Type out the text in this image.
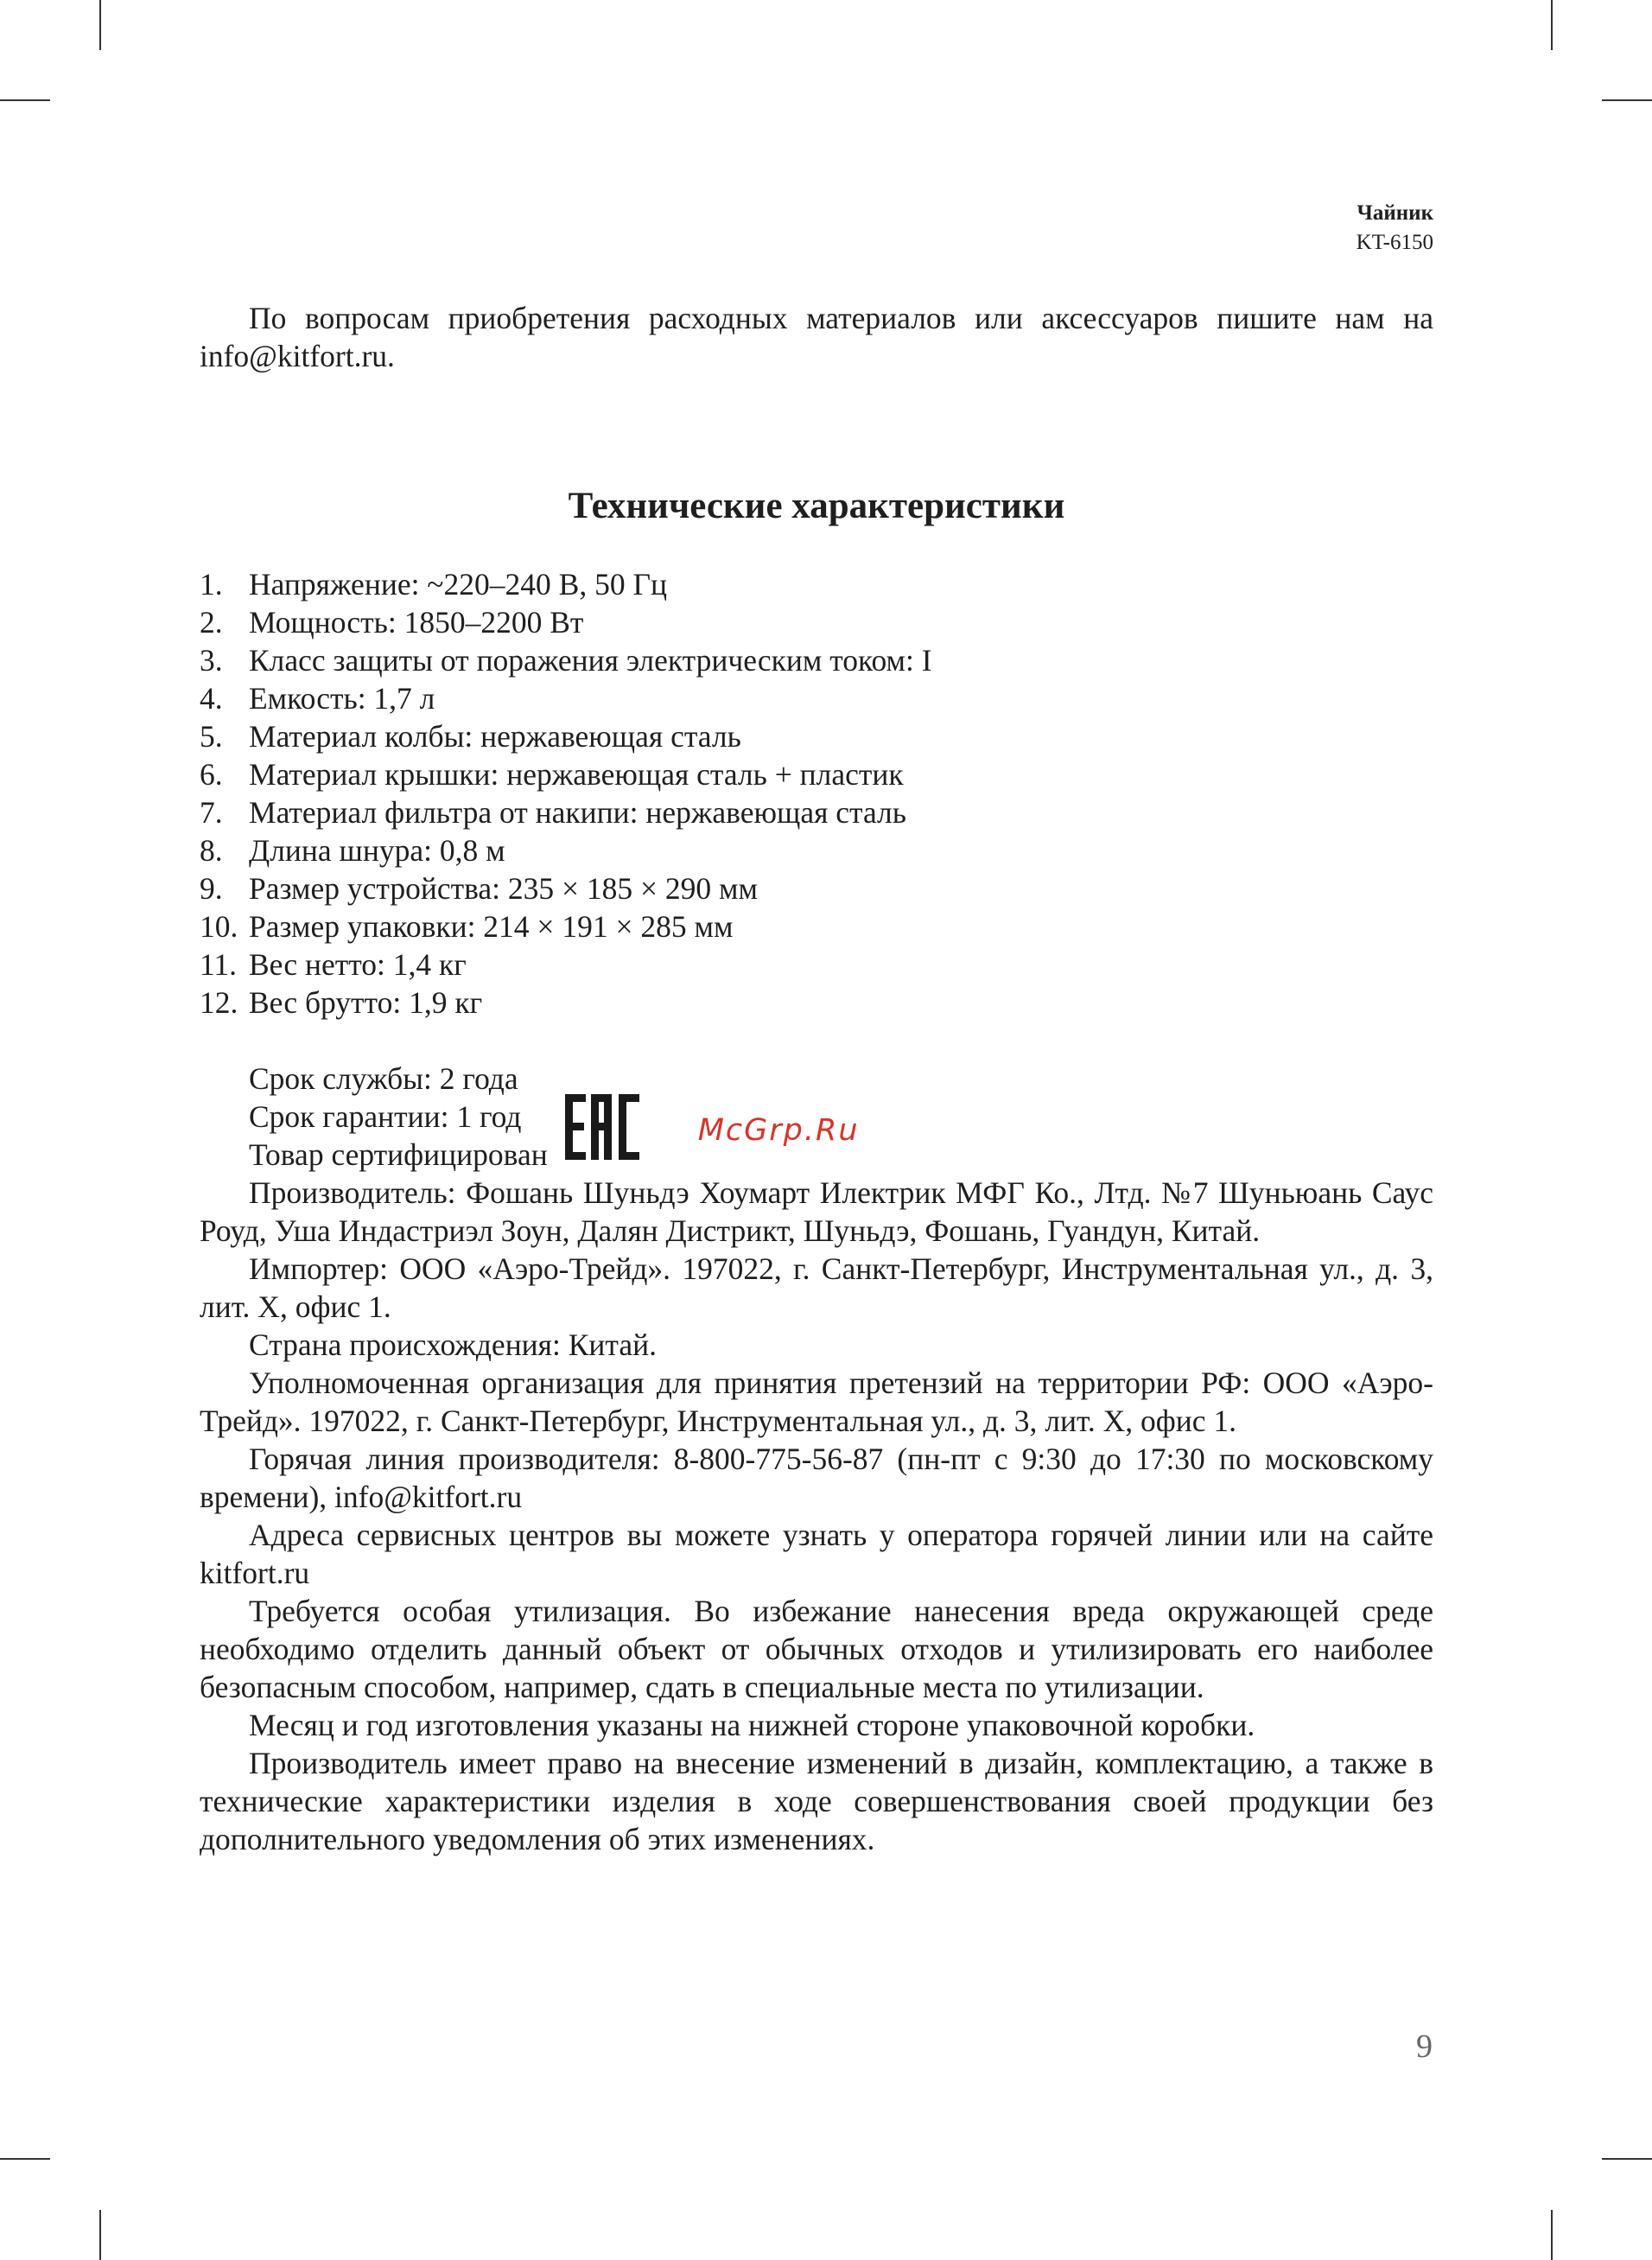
Чайник
KT-6150

По вопросам приобретения расходных материалов или аксессуаров пишите нам на info@kitfort.ru.

Технические характеристики
1. Напряжение: ~220–240 В, 50 Гц
2. Мощность: 1850–2200 Вт
3. Класс защиты от поражения электрическим током: I
4. Емкость: 1,7 л
5. Материал колбы: нержавеющая сталь
6. Материал крышки: нержавеющая сталь + пластик
7. Материал фильтра от накипи: нержавеющая сталь
8. Длина шнура: 0,8 м
9. Размер устройства: 235 × 185 × 290 мм
10. Размер упаковки: 214 × 191 × 285 мм
11. Вес нетто: 1,4 кг
12. Вес брутто: 1,9 кг

Срок службы: 2 года

Срок гарантии: 1 год

Товар сертифицирован

McGrp.Ru

Производитель: Фошань Шуньдэ Хоумарт Илектрик МФГ Ко., Лтд. №7 Шуньюань Саус Роуд, Уша Индастриэл Зоун, Далян Дистрикт, Шуньдэ, Фошань, Гуандун, Китай.

Импортер: ООО «Аэро-Трейд». 197022, г. Санкт-Петербург, Инструментальная ул., д. 3, лит. Х, офис 1.

Страна происхождения: Китай.

Уполномоченная организация для принятия претензий на территории РФ: ООО «Аэро-Трейд». 197022, г. Санкт-Петербург, Инструментальная ул., д. 3, лит. Х, офис 1.

Горячая линия производителя: 8-800-775-56-87 (пн-пт с 9:30 до 17:30 по московскому времени), info@kitfort.ru

Адреса сервисных центров вы можете узнать у оператора горячей линии или на сайте kitfort.ru

Требуется особая утилизация. Во избежание нанесения вреда окружающей среде необходимо отделить данный объект от обычных отходов и утилизировать его наиболее безопасным способом, например, сдать в специальные места по утилизации.

Месяц и год изготовления указаны на нижней стороне упаковочной коробки.

Производитель имеет право на внесение изменений в дизайн, комплектацию, а также в технические характеристики изделия в ходе совершенствования своей продукции без дополнительного уведомления об этих изменениях.

9
